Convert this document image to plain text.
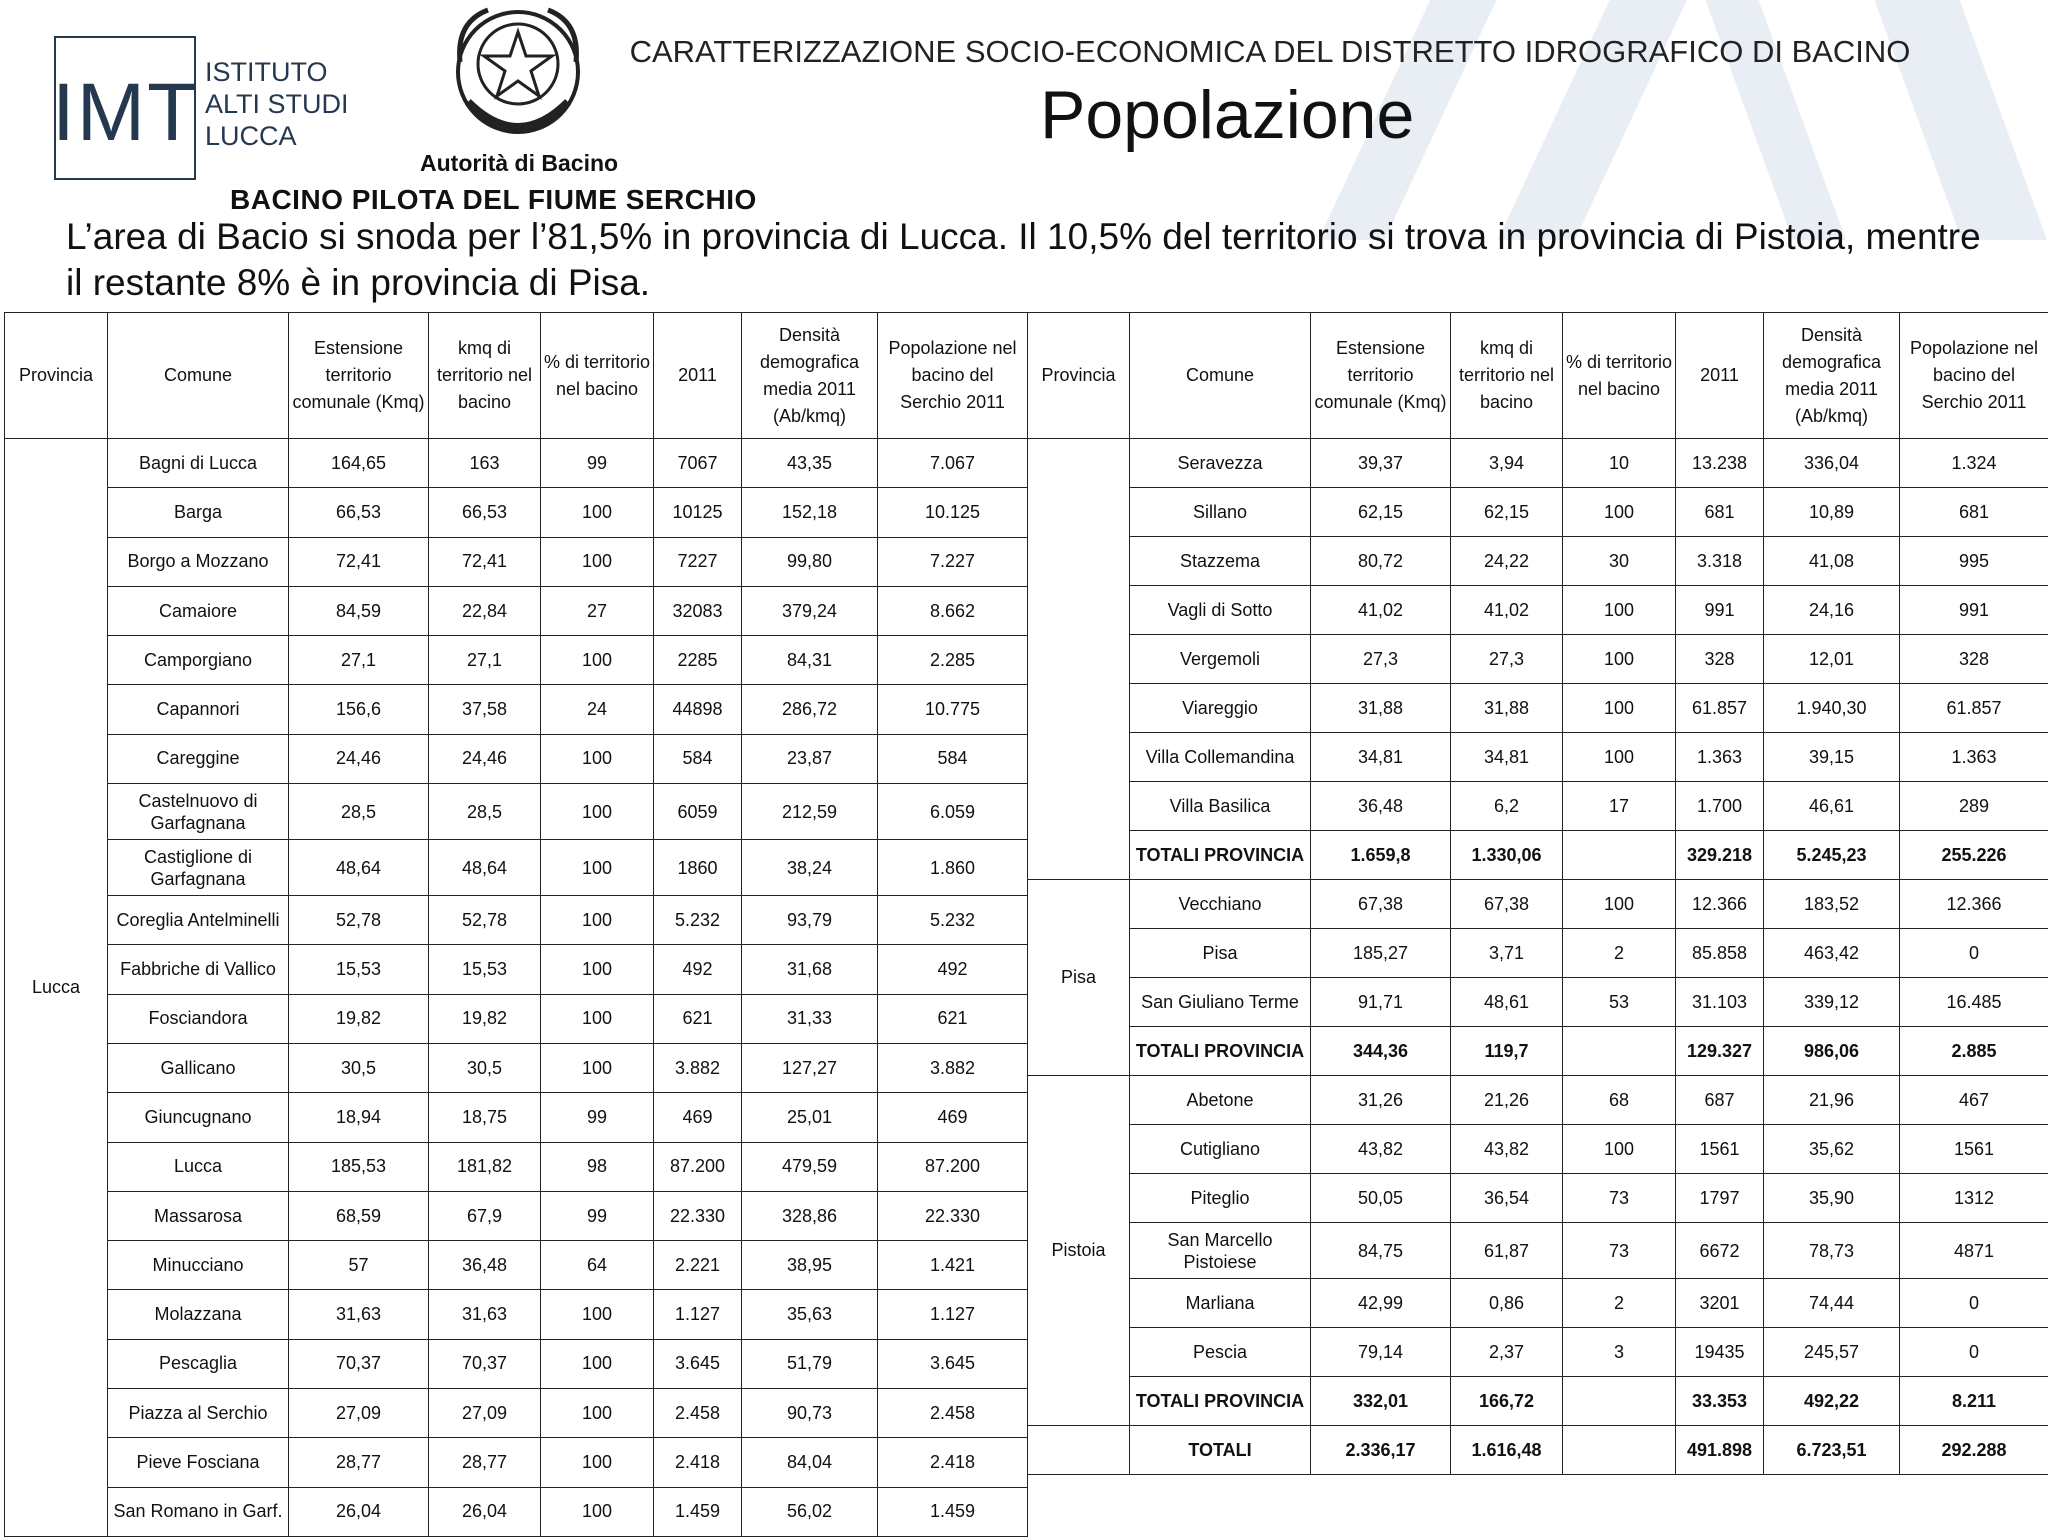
IMT ISTITUTO
ALTI STUDI
LUCCA
Autorità di Bacino
BACINO PILOTA DEL FIUME SERCHIO
CARATTERIZZAZIONE SOCIO-ECONOMICA DEL DISTRETTO IDROGRAFICO DI BACINO
Popolazione
L’area di Bacio si snoda per l’81,5% in provincia di Lucca. Il 10,5% del territorio si trova in provincia di Pistoia, mentre il restante 8% è in provincia di Pisa.
Provincia	Comune	Estensione territorio comunale (Kmq)	kmq di territorio nel bacino	% di territorio nel bacino	2011	Densità demografica media 2011 (Ab/kmq)	Popolazione nel bacino del Serchio 2011
Lucca	Bagni di Lucca	164,65	163	99	7067	43,35	7.067
	Barga	66,53	66,53	100	10125	152,18	10.125
	Borgo a Mozzano	72,41	72,41	100	7227	99,80	7.227
	Camaiore	84,59	22,84	27	32083	379,24	8.662
	Camporgiano	27,1	27,1	100	2285	84,31	2.285
	Capannori	156,6	37,58	24	44898	286,72	10.775
	Careggine	24,46	24,46	100	584	23,87	584
	Castelnuovo di Garfagnana	28,5	28,5	100	6059	212,59	6.059
	Castiglione di Garfagnana	48,64	48,64	100	1860	38,24	1.860
	Coreglia Antelminelli	52,78	52,78	100	5.232	93,79	5.232
	Fabbriche di Vallico	15,53	15,53	100	492	31,68	492
	Fosciandora	19,82	19,82	100	621	31,33	621
	Gallicano	30,5	30,5	100	3.882	127,27	3.882
	Giuncugnano	18,94	18,75	99	469	25,01	469
	Lucca	185,53	181,82	98	87.200	479,59	87.200
	Massarosa	68,59	67,9	99	22.330	328,86	22.330
	Minucciano	57	36,48	64	2.221	38,95	1.421
	Molazzana	31,63	31,63	100	1.127	35,63	1.127
	Pescaglia	70,37	70,37	100	3.645	51,79	3.645
	Piazza al Serchio	27,09	27,09	100	2.458	90,73	2.458
	Pieve Fosciana	28,77	28,77	100	2.418	84,04	2.418
	San Romano in Garf.	26,04	26,04	100	1.459	56,02	1.459
Provincia	Comune	Estensione territorio comunale (Kmq)	kmq di territorio nel bacino	% di territorio nel bacino	2011	Densità demografica media 2011 (Ab/kmq)	Popolazione nel bacino del Serchio 2011
	Seravezza	39,37	3,94	10	13.238	336,04	1.324
	Sillano	62,15	62,15	100	681	10,89	681
	Stazzema	80,72	24,22	30	3.318	41,08	995
	Vagli di Sotto	41,02	41,02	100	991	24,16	991
	Vergemoli	27,3	27,3	100	328	12,01	328
	Viareggio	31,88	31,88	100	61.857	1.940,30	61.857
	Villa Collemandina	34,81	34,81	100	1.363	39,15	1.363
	Villa Basilica	36,48	6,2	17	1.700	46,61	289
	TOTALI PROVINCIA	1.659,8	1.330,06		329.218	5.245,23	255.226
Pisa	Vecchiano	67,38	67,38	100	12.366	183,52	12.366
	Pisa	185,27	3,71	2	85.858	463,42	0
	San Giuliano Terme	91,71	48,61	53	31.103	339,12	16.485
	TOTALI PROVINCIA	344,36	119,7		129.327	986,06	2.885
Pistoia	Abetone	31,26	21,26	68	687	21,96	467
	Cutigliano	43,82	43,82	100	1561	35,62	1561
	Piteglio	50,05	36,54	73	1797	35,90	1312
	San Marcello Pistoiese	84,75	61,87	73	6672	78,73	4871
	Marliana	42,99	0,86	2	3201	74,44	0
	Pescia	79,14	2,37	3	19435	245,57	0
	TOTALI PROVINCIA	332,01	166,72		33.353	492,22	8.211
	TOTALI	2.336,17	1.616,48		491.898	6.723,51	292.288
